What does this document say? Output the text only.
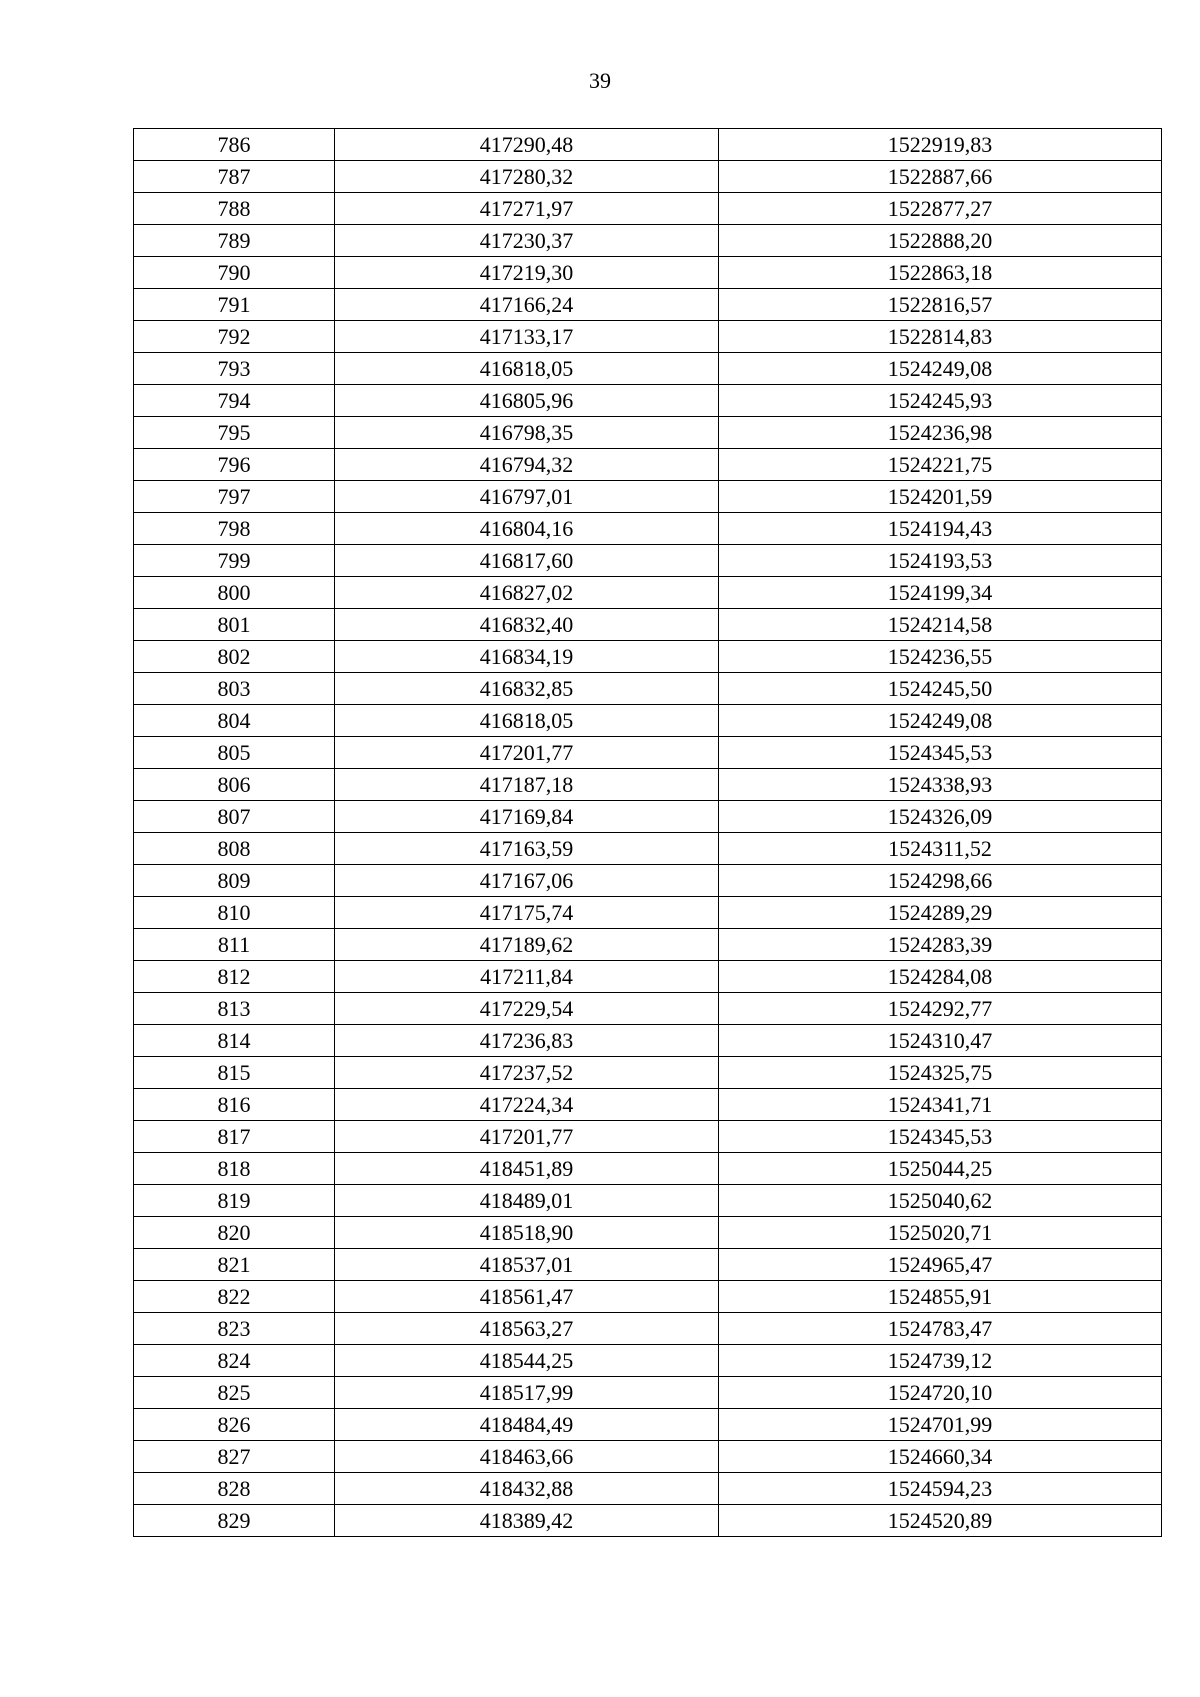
39
786	417290,48	1522919,83
787	417280,32	1522887,66
788	417271,97	1522877,27
789	417230,37	1522888,20
790	417219,30	1522863,18
791	417166,24	1522816,57
792	417133,17	1522814,83
793	416818,05	1524249,08
794	416805,96	1524245,93
795	416798,35	1524236,98
796	416794,32	1524221,75
797	416797,01	1524201,59
798	416804,16	1524194,43
799	416817,60	1524193,53
800	416827,02	1524199,34
801	416832,40	1524214,58
802	416834,19	1524236,55
803	416832,85	1524245,50
804	416818,05	1524249,08
805	417201,77	1524345,53
806	417187,18	1524338,93
807	417169,84	1524326,09
808	417163,59	1524311,52
809	417167,06	1524298,66
810	417175,74	1524289,29
811	417189,62	1524283,39
812	417211,84	1524284,08
813	417229,54	1524292,77
814	417236,83	1524310,47
815	417237,52	1524325,75
816	417224,34	1524341,71
817	417201,77	1524345,53
818	418451,89	1525044,25
819	418489,01	1525040,62
820	418518,90	1525020,71
821	418537,01	1524965,47
822	418561,47	1524855,91
823	418563,27	1524783,47
824	418544,25	1524739,12
825	418517,99	1524720,10
826	418484,49	1524701,99
827	418463,66	1524660,34
828	418432,88	1524594,23
829	418389,42	1524520,89
